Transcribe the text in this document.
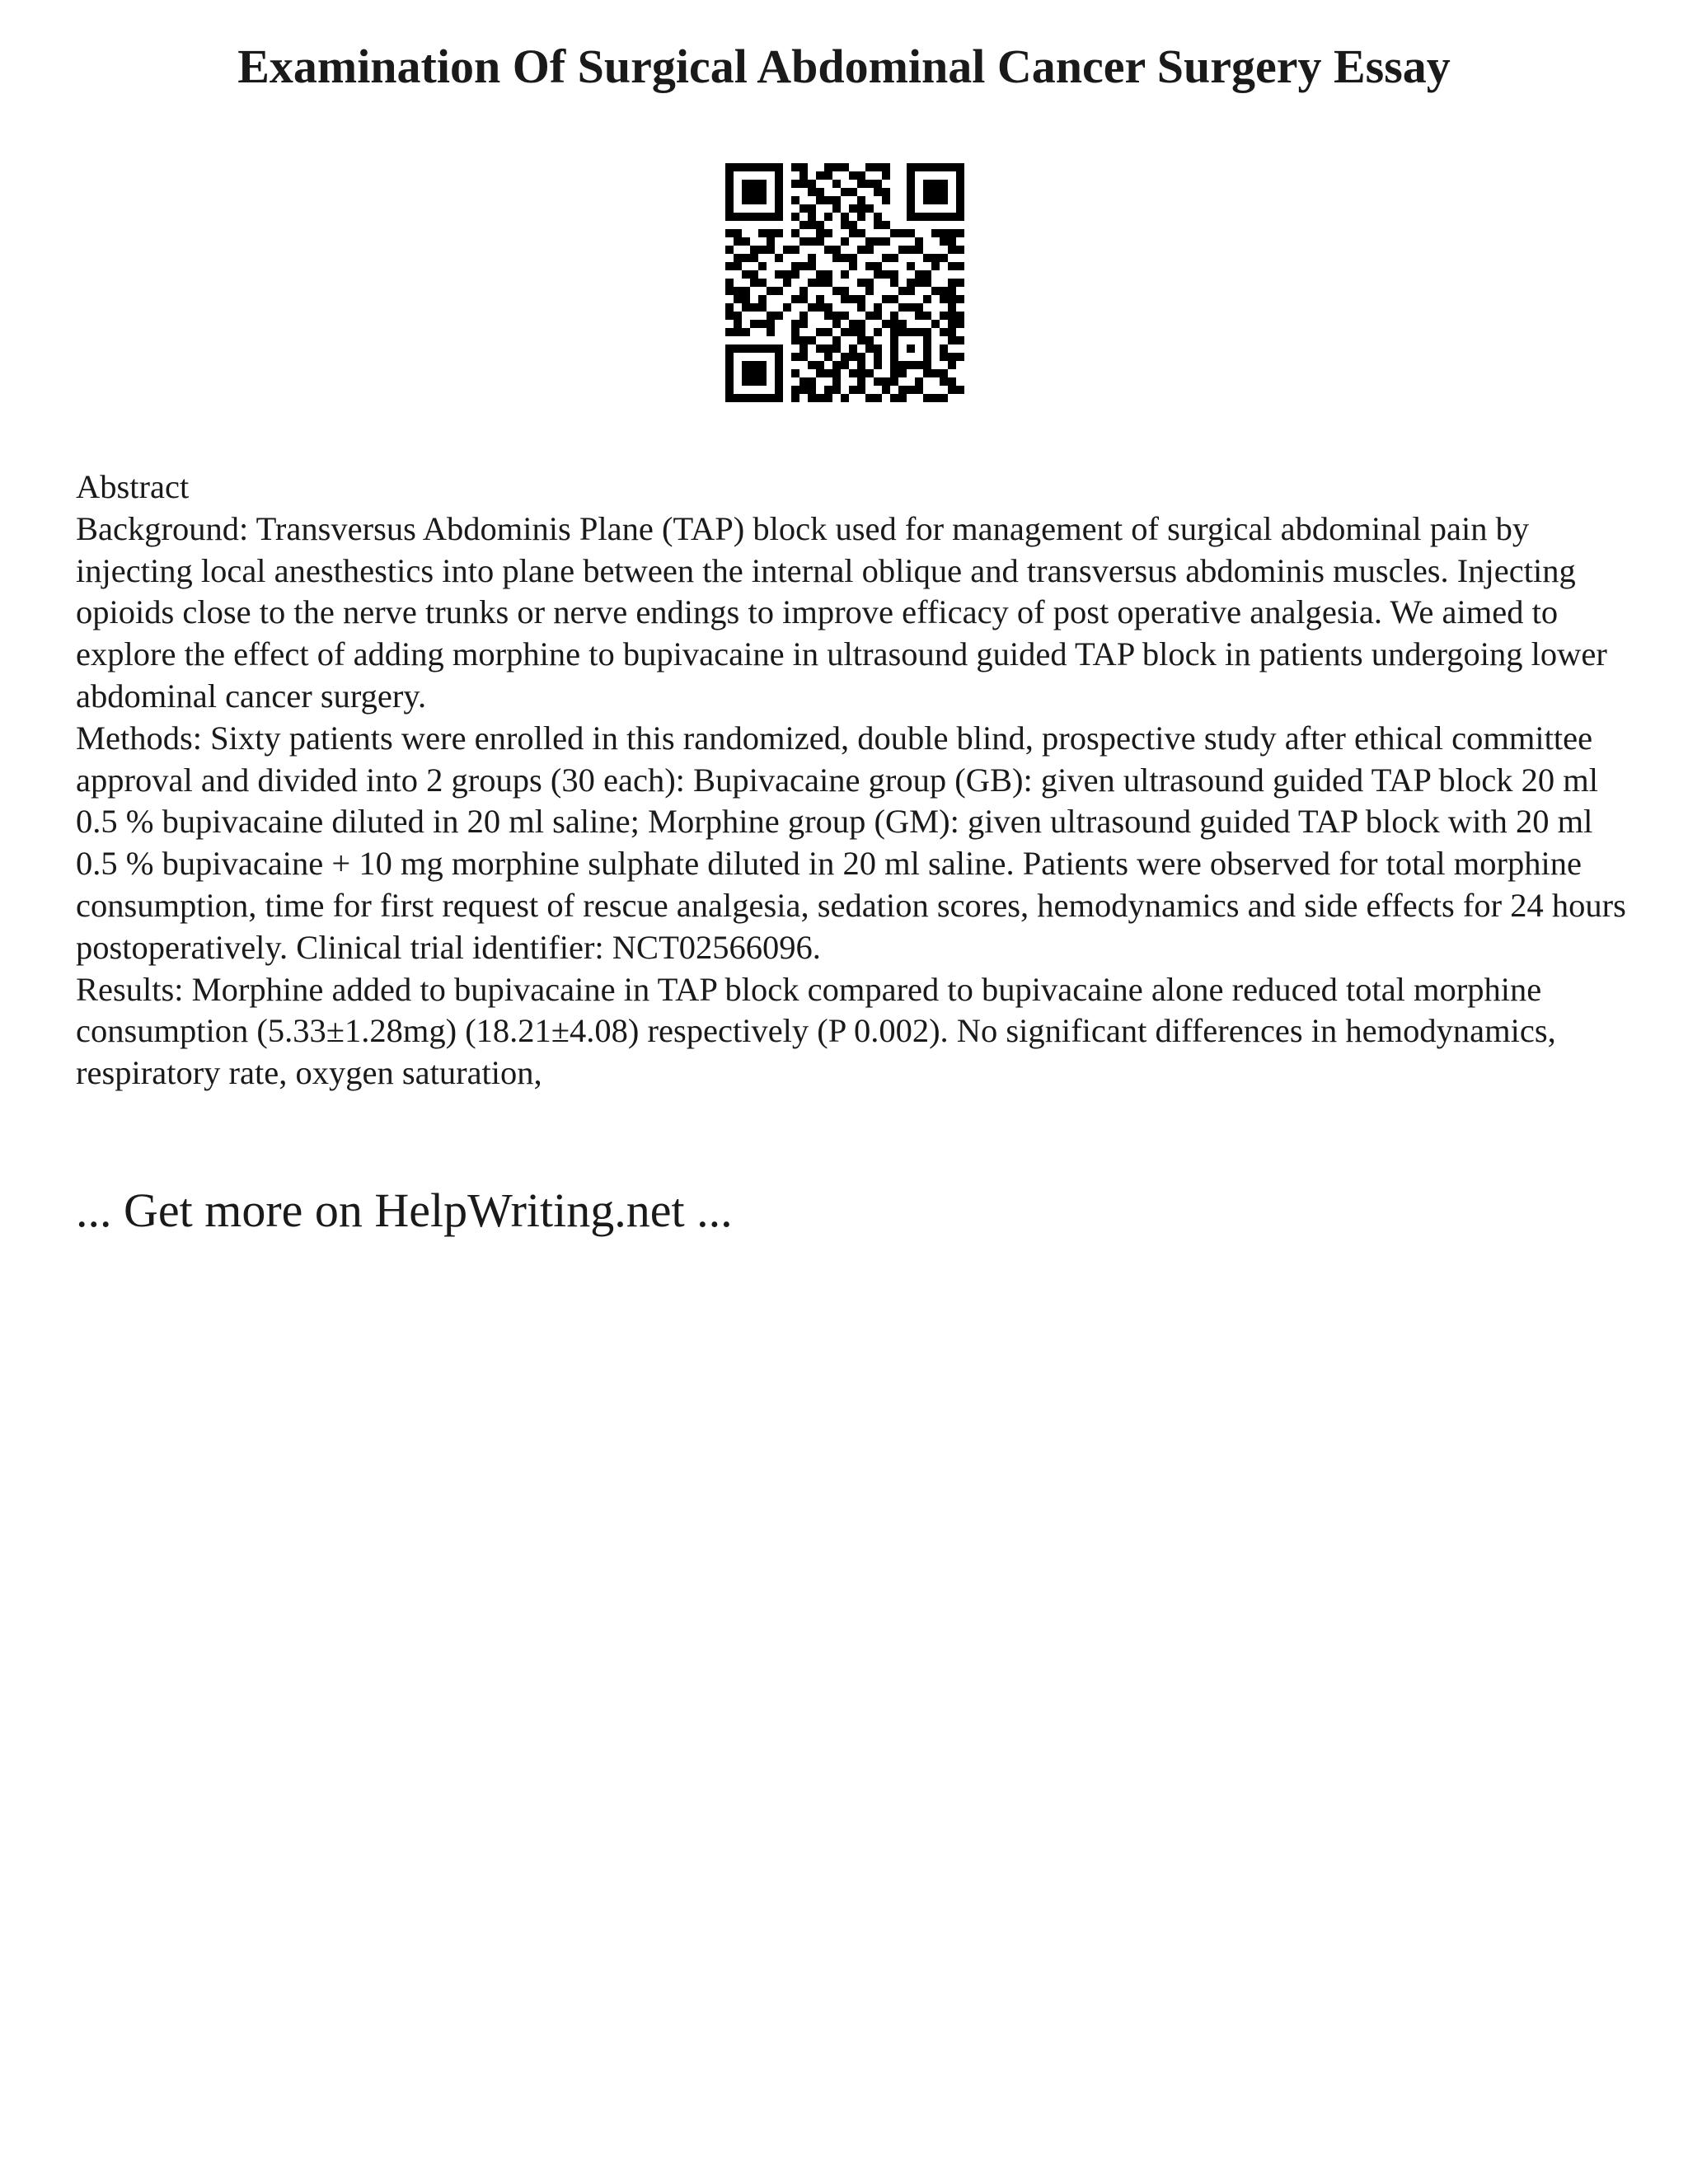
Examination Of Surgical Abdominal Cancer Surgery Essay

Abstract

Background: Transversus Abdominis Plane (TAP) block used for management of surgical abdominal pain by injecting local anesthestics into plane between the internal oblique and transversus abdominis muscles. Injecting opioids close to the nerve trunks or nerve endings to improve efficacy of post operative analgesia. We aimed to explore the effect of adding morphine to bupivacaine in ultrasound guided TAP block in patients undergoing lower abdominal cancer surgery.

Methods: Sixty patients were enrolled in this randomized, double blind, prospective study after ethical committee approval and divided into 2 groups (30 each): Bupivacaine group (GB): given ultrasound guided TAP block 20 ml 0.5 % bupivacaine diluted in 20 ml saline; Morphine group (GM): given ultrasound guided TAP block with 20 ml 0.5 % bupivacaine + 10 mg morphine sulphate diluted in 20 ml saline. Patients were observed for total morphine consumption, time for first request of rescue analgesia, sedation scores, hemodynamics and side effects for 24 hours postoperatively. Clinical trial identifier: NCT02566096.

Results: Morphine added to bupivacaine in TAP block compared to bupivacaine alone reduced total morphine consumption (5.33±1.28mg) (18.21±4.08) respectively (P 0.002). No significant differences in hemodynamics, respiratory rate, oxygen saturation,

... Get more on HelpWriting.net ...
